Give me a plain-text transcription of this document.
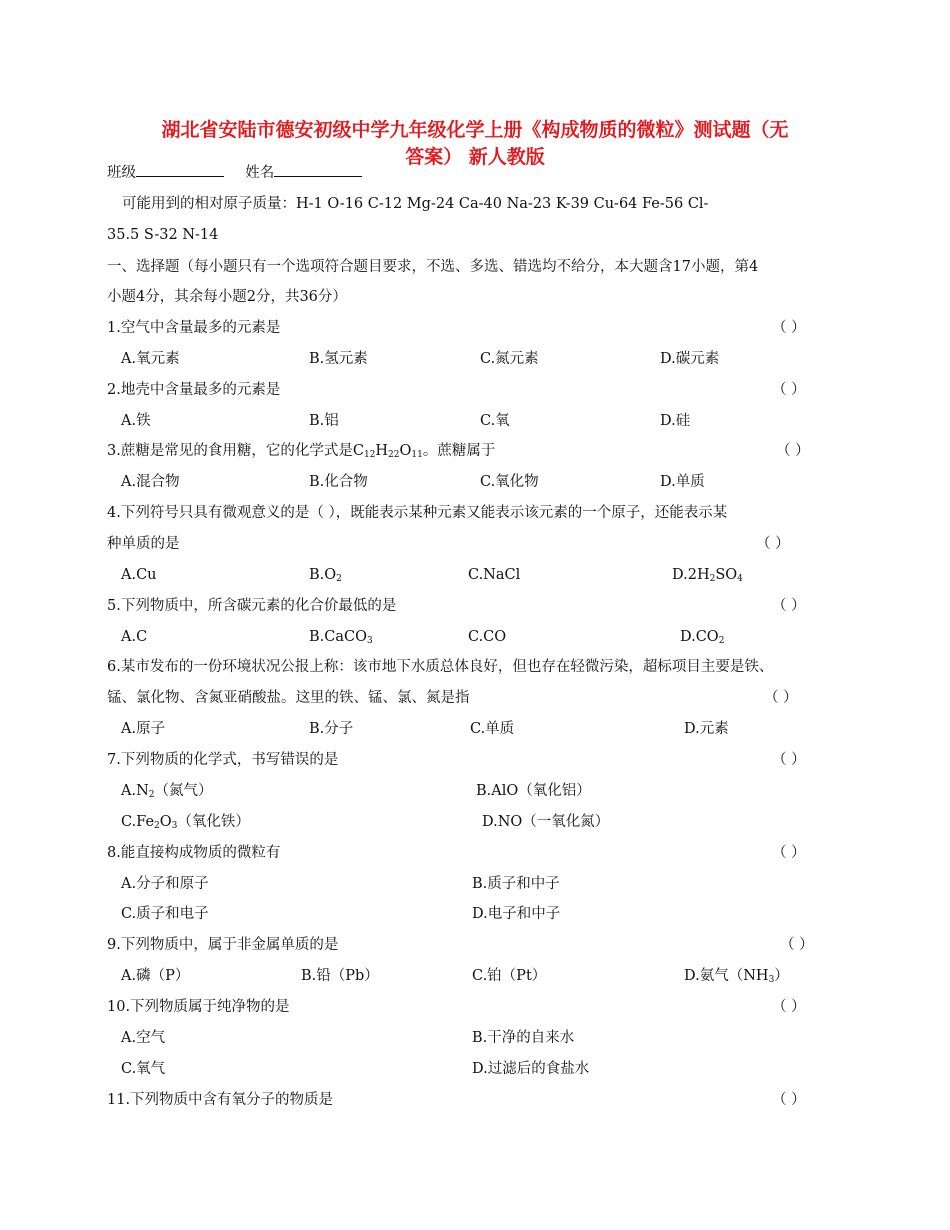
湖北省安陆市德安初级中学九年级化学上册《构成物质的微粒》测试题（无
答案） 新人教版
班级	姓名
可能用到的相对原子质量：H-1 O-16 C-12 Mg-24 Ca-40 Na-23 K-39 Cu-64 Fe-56 Cl-
35.5 S-32 N-14
一、选择题（每小题只有一个选项符合题目要求，不选、多选、错选均不给分，本大题含17小题，第4
小题4分，其余每小题2分，共36分）
1.空气中含量最多的元素是	（ ）
A.氧元素	B.氢元素	C.氮元素	D.碳元素
2.地壳中含量最多的元素是	（ ）
A.铁	B.铝	C.氧	D.硅
3.蔗糖是常见的食用糖，它的化学式是$C_{12}H_{22}O_{11}$。蔗糖属于	（ ）
A.混合物	B.化合物	C.氧化物	D.单质
4.下列符号只具有微观意义的是（ ），既能表示某种元素又能表示该元素的一个原子，还能表示某
种单质的是	（ ）
A.Cu	$B.O_2$	C.NaCl	$D.2H_2SO_4$
5.下列物质中，所含碳元素的化合价最低的是	（ ）
A.C	B.CaCO$_3$	C.CO	$D.CO_2$
6.某市发布的一份环境状况公报上称：该市地下水质总体良好，但也存在轻微污染，超标项目主要是铁、
锰、氯化物、含氮亚硝酸盐。这里的铁、锰、氯、氮是指	（ ）
A.原子	B.分子	C.单质	D.元素
7.下列物质的化学式，书写错误的是	（ ）
$A.N_2$（氮气）	B.AlO（氧化铝）
$C.Fe_2O_3$（氧化铁）	D.NO（一氧化氮）
8.能直接构成物质的微粒有	（ ）
A.分子和原子	B.质子和中子
C.质子和电子	D.电子和中子
9.下列物质中，属于非金属单质的是	（ ）
A.磷（P）	B.铅（Pb）	C.铂（Pt）	D.氨气$(NH_3)$
10.下列物质属于纯净物的是	（ ）
A.空气	B.干净的自来水
C.氧气	D.过滤后的食盐水
11.下列物质中含有氧分子的物质是	（ ）
